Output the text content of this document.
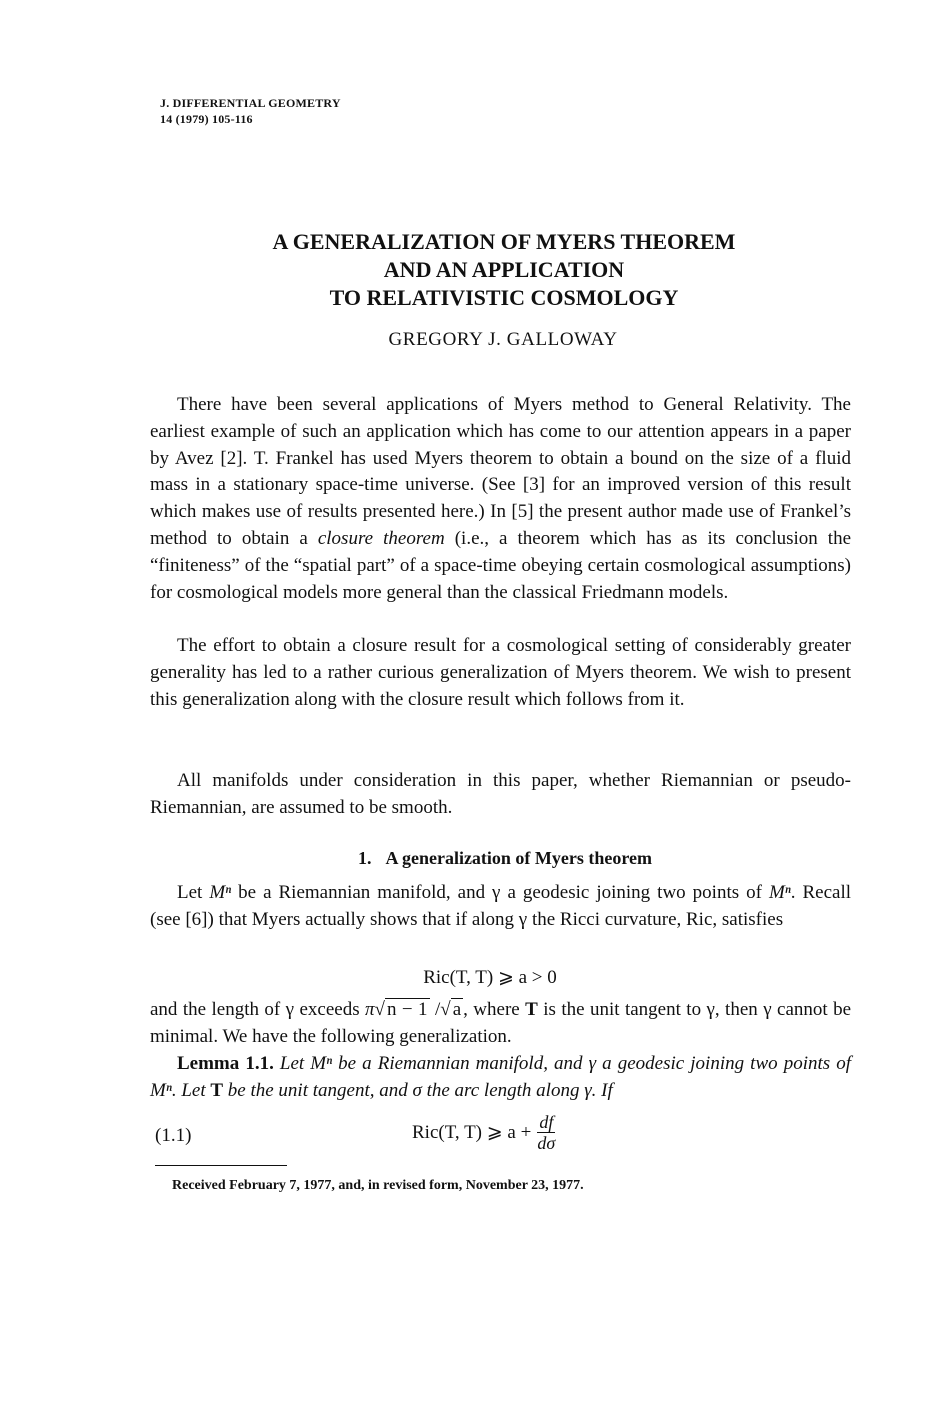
J. DIFFERENTIAL GEOMETRY
14 (1979) 105-116
A GENERALIZATION OF MYERS THEOREM
AND AN APPLICATION
TO RELATIVISTIC COSMOLOGY
GREGORY J. GALLOWAY

There have been several applications of Myers method to General Relativity. The earliest example of such an application which has come to our attention appears in a paper by Avez [2]. T. Frankel has used Myers theorem to obtain a bound on the size of a fluid mass in a stationary space-time universe. (See [3] for an improved version of this result which makes use of results presented here.) In [5] the present author made use of Frankel’s method to obtain a closure theorem (i.e., a theorem which has as its conclusion the “finiteness” of the “spatial part” of a space-time obeying certain cosmological assumptions) for cosmological models more general than the classical Friedmann models.

The effort to obtain a closure result for a cosmological setting of considerably greater generality has led to a rather curious generalization of Myers theorem. We wish to present this generalization along with the closure result which follows from it.

All manifolds under consideration in this paper, whether Riemannian or pseudo-Riemannian, are assumed to be smooth.

1. A generalization of Myers theorem

Let Mⁿ be a Riemannian manifold, and γ a geodesic joining two points of Mⁿ. Recall (see [6]) that Myers actually shows that if along γ the Ricci curvature, Ric, satisfies

Ric(T, T) ⩾ a > 0

and the length of γ exceeds π√ n − 1 /√ a , where T is the unit tangent to γ, then γ cannot be minimal. We have the following generalization.

Lemma 1.1. Let Mⁿ be a Riemannian manifold, and γ a geodesic joining two points of Mⁿ. Let T be the unit tangent, and σ the arc length along γ. If

(1.1)	Ric(T, T) ⩾ $a + \frac{df}{d\sigma}$
Received February 7, 1977, and, in revised form, November 23, 1977.
